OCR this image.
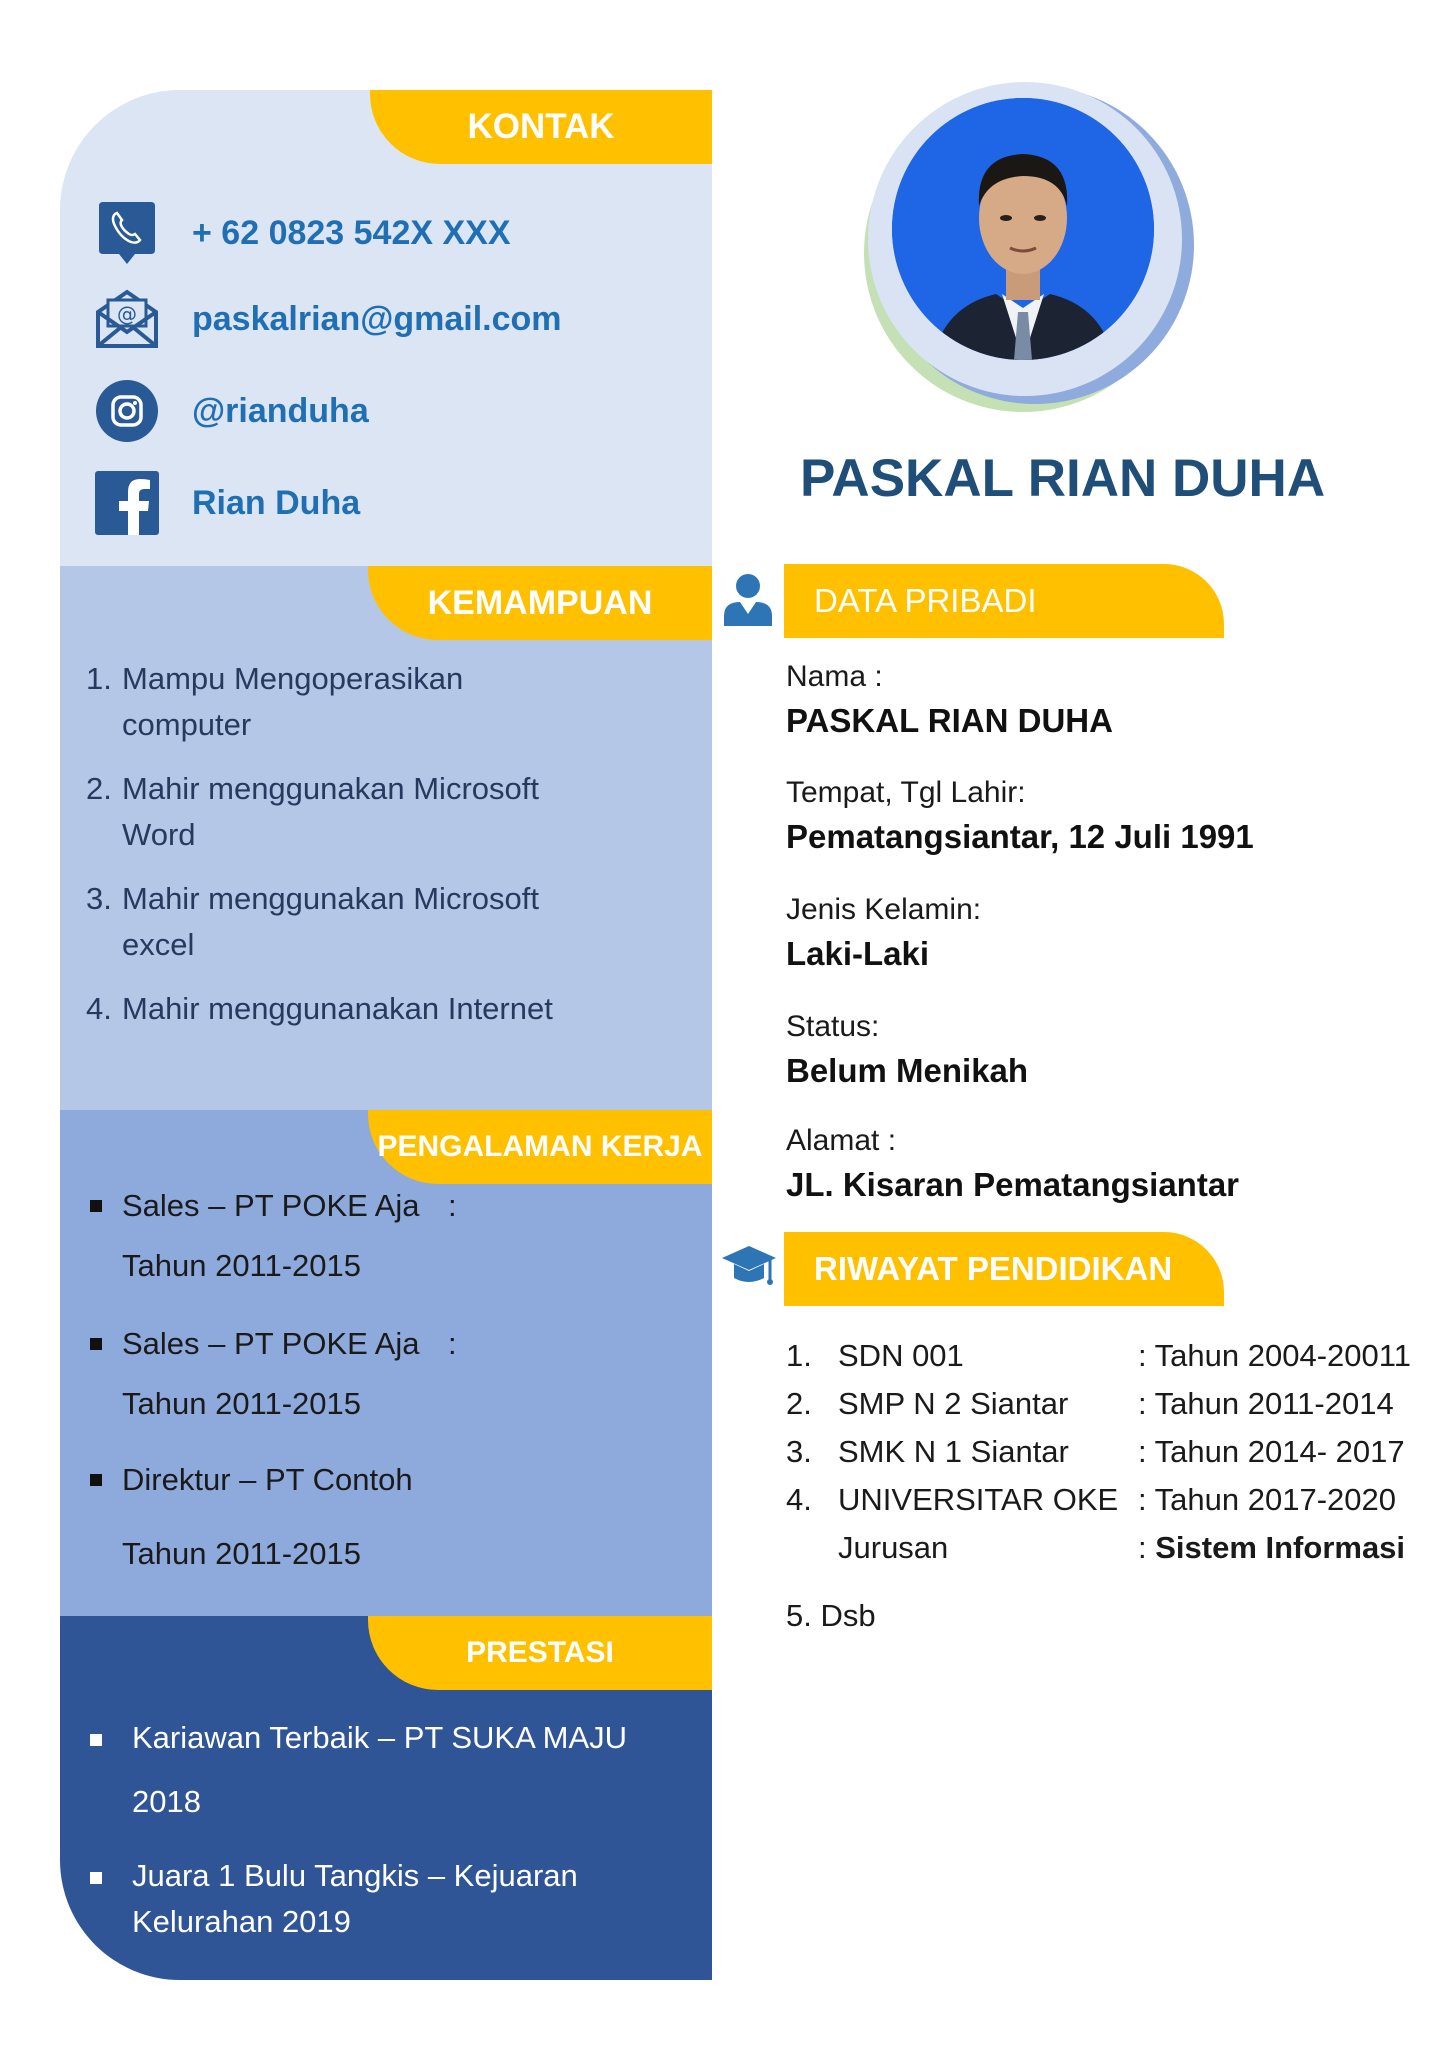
KONTAK
+ 62 0823 542X XXX
@ paskalrian@gmail.com
@rianduha
Rian Duha
KEMAMPUAN
1. Mampu Mengoperasikan computer
2. Mahir menggunakan Microsoft Word
3. Mahir menggunakan Microsoft excel
4. Mahir menggunanakan Internet
PENGALAMAN KERJA
Sales – PT POKE Aja :
Tahun 2011-2015
Sales – PT POKE Aja :
Tahun 2011-2015
Direktur – PT Contoh
Tahun 2011-2015
PRESTASI
Kariawan Terbaik – PT SUKA MAJU
2018
Juara 1 Bulu Tangkis – Kejuaran
Kelurahan 2019
PASKAL RIAN DUHA
DATA PRIBADI
Nama :
PASKAL RIAN DUHA
Tempat, Tgl Lahir:
Pematangsiantar, 12 Juli 1991
Jenis Kelamin:
Laki-Laki
Status:
Belum Menikah
Alamat :
JL. Kisaran Pematangsiantar
RIWAYAT PENDIDIKAN
1. SDN 001	: Tahun 2004-20011
2. SMP N 2 Siantar	: Tahun 2011-2014
3. SMK N 1 Siantar	: Tahun 2014- 2017
4. UNIVERSITAR OKE : Tahun 2017-2020
Jurusan	: Sistem Informasi
5. Dsb
